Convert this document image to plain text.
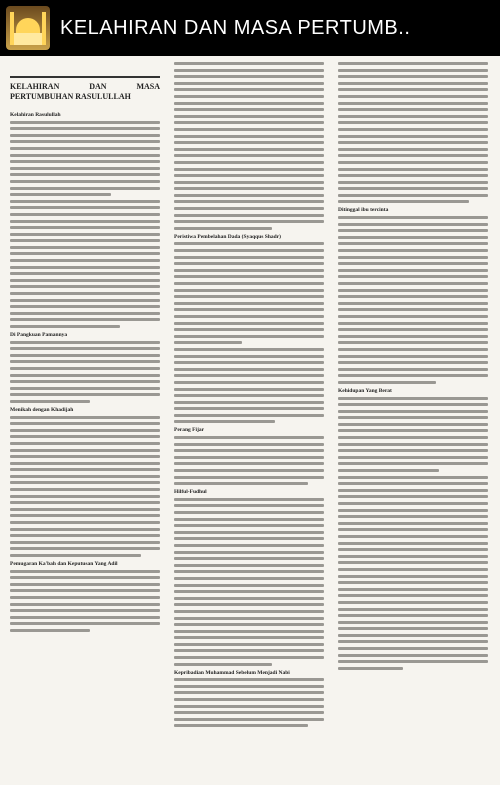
KELAHIRAN DAN MASA PERTUMB..
KELAHIRAN DAN MASA PERTUMBUHAN RASULULLAH
Kelahiran Rasulullah
Di Pangkuan Pamannya
Menikah dengan Khadijah
Pemugaran Ka'bah dan Keputusan Yang Adil
Peristiwa Pembelahan Dada (Syaqqus Shadr)
Perang Fijar
Hilful-Fudhul
Kepribadian Muhammad Sebelum Menjadi Nabi
Ditinggal ibu tercinta
Kehidupan Yang Berat
